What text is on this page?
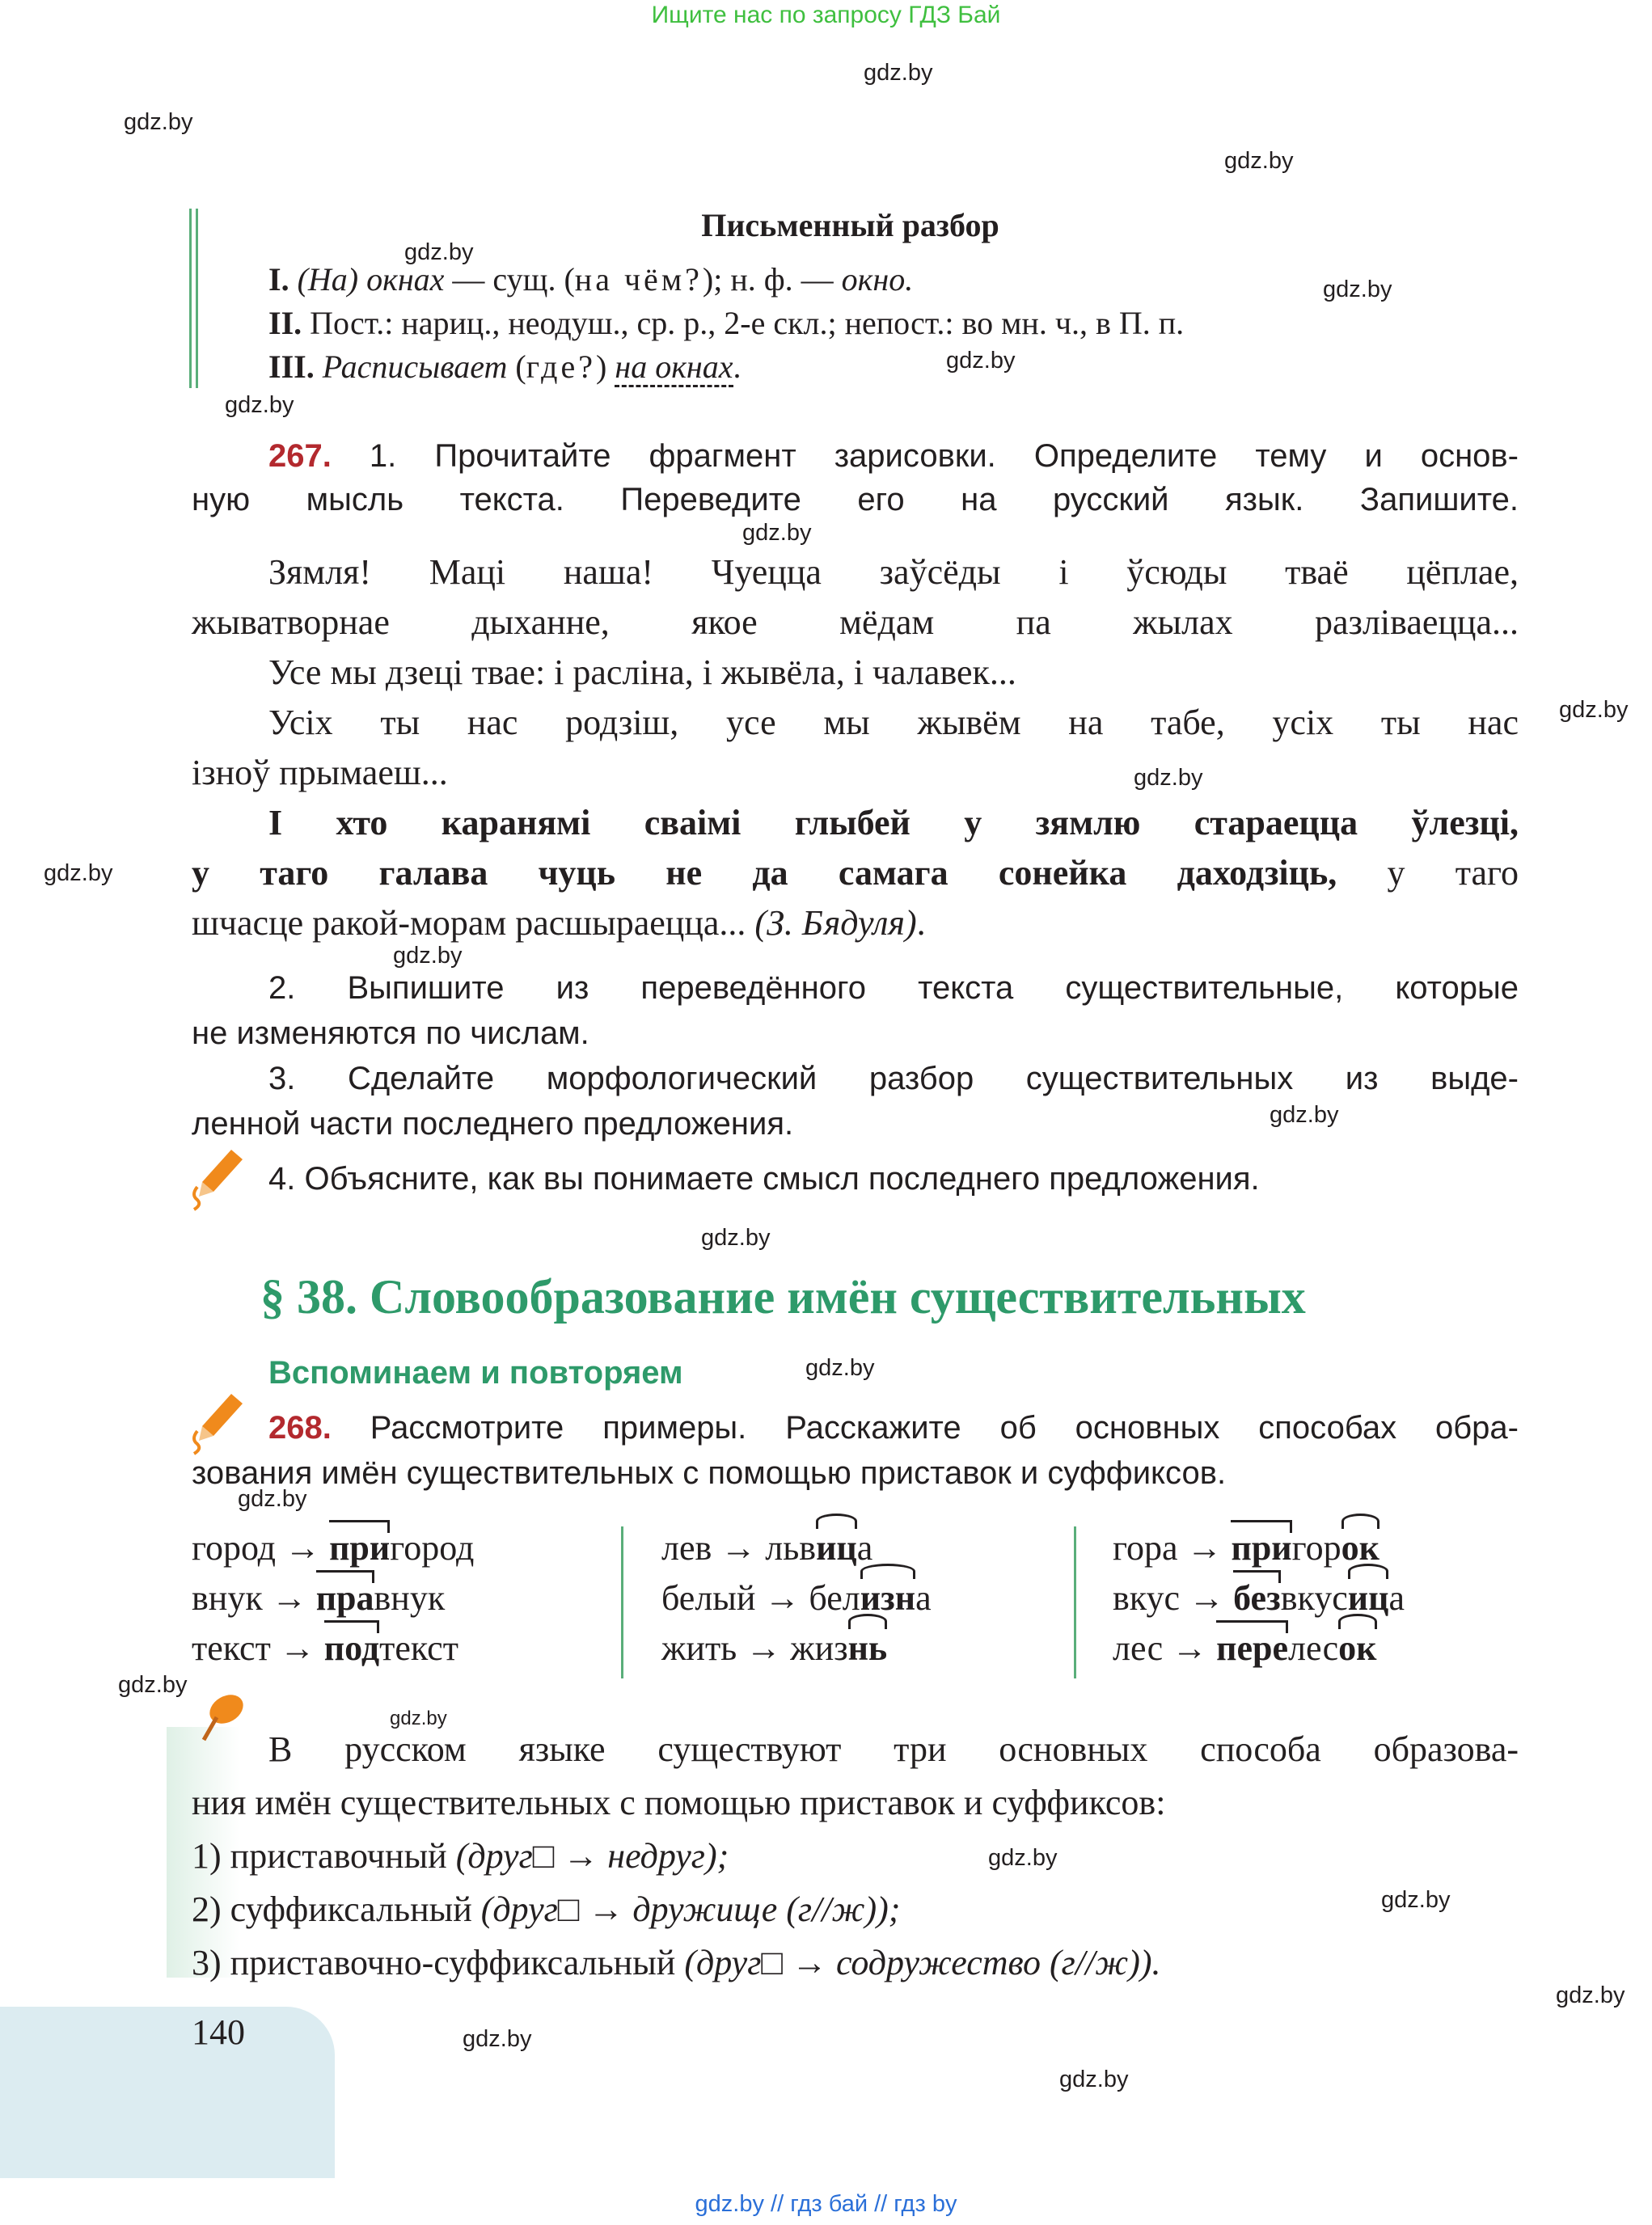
Ищите нас по запросу ГДЗ Бай
gdz.by // гдз бай // гдз by
gdz.by
gdz.by
gdz.by
gdz.by
gdz.by
gdz.by
gdz.by
gdz.by
gdz.by
gdz.by
gdz.by
gdz.by
gdz.by
gdz.by
gdz.by
gdz.by
gdz.by
gdz.by
gdz.by
gdz.by
gdz.by
gdz.by
gdz.by
Письменный разбор
I. (На) окнах — сущ. (на чём?); н. ф. — окно.
II. Пост.: нариц., неодуш., ср. р., 2-е скл.; непост.: во мн. ч., в П. п.
III. Расписывает (где?) на окнах.
267. 1. Прочитайте фрагмент зарисовки. Определите тему и основ-
ную мысль текста. Переведите его на русский язык. Запишите.
Зямля! Маці наша! Чуецца заўсёды і ўсюды тваё цёплае,
жыватворнае дыханне, якое мёдам па жылах разліваецца...
Усе мы дзеці твае: і расліна, і жывёла, і чалавек...
Усіх ты нас родзіш, усе мы жывём на табе, усіх ты нас
ізноў прымаеш...
І хто каранямі сваімі глыбей у зямлю стараецца ўлезці,
у таго галава чуць не да самага сонейка даходзіць, у таго
шчасце ракой-морам расшыраецца... (З. Бядуля).
2. Выпишите из переведённого текста существительные, которые
не изменяются по числам.
3. Сделайте морфологический разбор существительных из выде-
ленной части последнего предложения.
4. Объясните, как вы понимаете смысл последнего предложения.
§ 38. Словообразование имён существительных
Вспоминаем и повторяем
268. Рассмотрите примеры. Расскажите об основных способах обра-
зования имён существительных с помощью приставок и суффиксов.
город → пригород
внук → правнук
текст → подтекст
лев → львица
белый → белизна
жить → жизнь
гора → пригорок
вкус → безвкусица
лес → перелесок
В русском языке существуют три основных способа образова-
ния имён существительных с помощью приставок и суффиксов:
1) приставочный (друг□ → недруг);
2) суффиксальный (друг□ → дружище (г//ж));
3) приставочно-суффиксальный (друг□ → содружество (г//ж)).
140
